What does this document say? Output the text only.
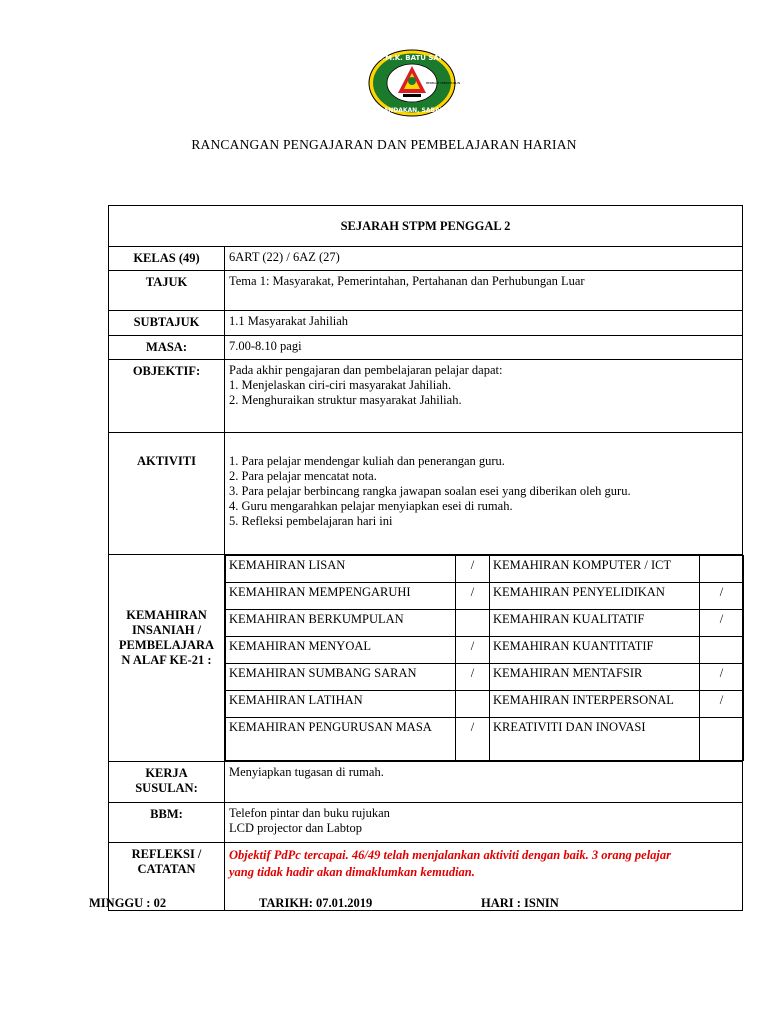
S.M.K. BATU SAPI
SANDAKAN, SABAH
BERBAKTI BERDISIPLIN
RANCANGAN PENGAJARAN DAN PEMBELAJARAN HARIAN
SEJARAH STPM PENGGAL 2
KELAS (49)	6ART (22) / 6AZ (27)
TAJUK	Tema 1: Masyarakat, Pemerintahan, Pertahanan dan Perhubungan Luar
SUBTAJUK	1.1 Masyarakat Jahiliah
MASA:	7.00-8.10 pagi
OBJEKTIF:	Pada akhir pengajaran dan pembelajaran pelajar dapat:
1. Menjelaskan ciri-ciri masyarakat Jahiliah.
2. Menghuraikan struktur masyarakat Jahiliah.

AKTIVITI	1. Para pelajar mendengar kuliah dan penerangan guru.
2. Para pelajar mencatat nota.
3. Para pelajar berbincang rangka jawapan soalan esei yang diberikan oleh guru.
4. Guru mengarahkan pelajar menyiapkan esei di rumah.
5. Refleksi pembelajaran hari ini

KEMAHIRAN
INSANIAH /
PEMBELAJARA
N ALAF KE-21 :

KEMAHIRAN LISAN	/	KEMAHIRAN KOMPUTER / ICT	
KEMAHIRAN MEMPENGARUHI	/	KEMAHIRAN PENYELIDIKAN	/
KEMAHIRAN BERKUMPULAN		KEMAHIRAN KUALITATIF	/
KEMAHIRAN MENYOAL	/	KEMAHIRAN KUANTITATIF	
KEMAHIRAN SUMBANG SARAN	/	KEMAHIRAN MENTAFSIR	/
KEMAHIRAN LATIHAN		KEMAHIRAN INTERPERSONAL	/
KEMAHIRAN PENGURUSAN MASA	/	KREATIVITI DAN INOVASI	

KERJA
SUSULAN:
	Menyiapkan tugasan di rumah.
BBM:	Telefon pintar dan buku rujukan
LCD projector dan Labtop

REFLEKSI /
CATATAN

Objektif PdPc tercapai. 46/49 telah menjalankan aktiviti dengan baik. 3 orang pelajar
yang tidak hadir akan dimaklumkan kemudian.
MINGGU : 02	TARIKH: 07.01.2019	HARI : ISNIN
